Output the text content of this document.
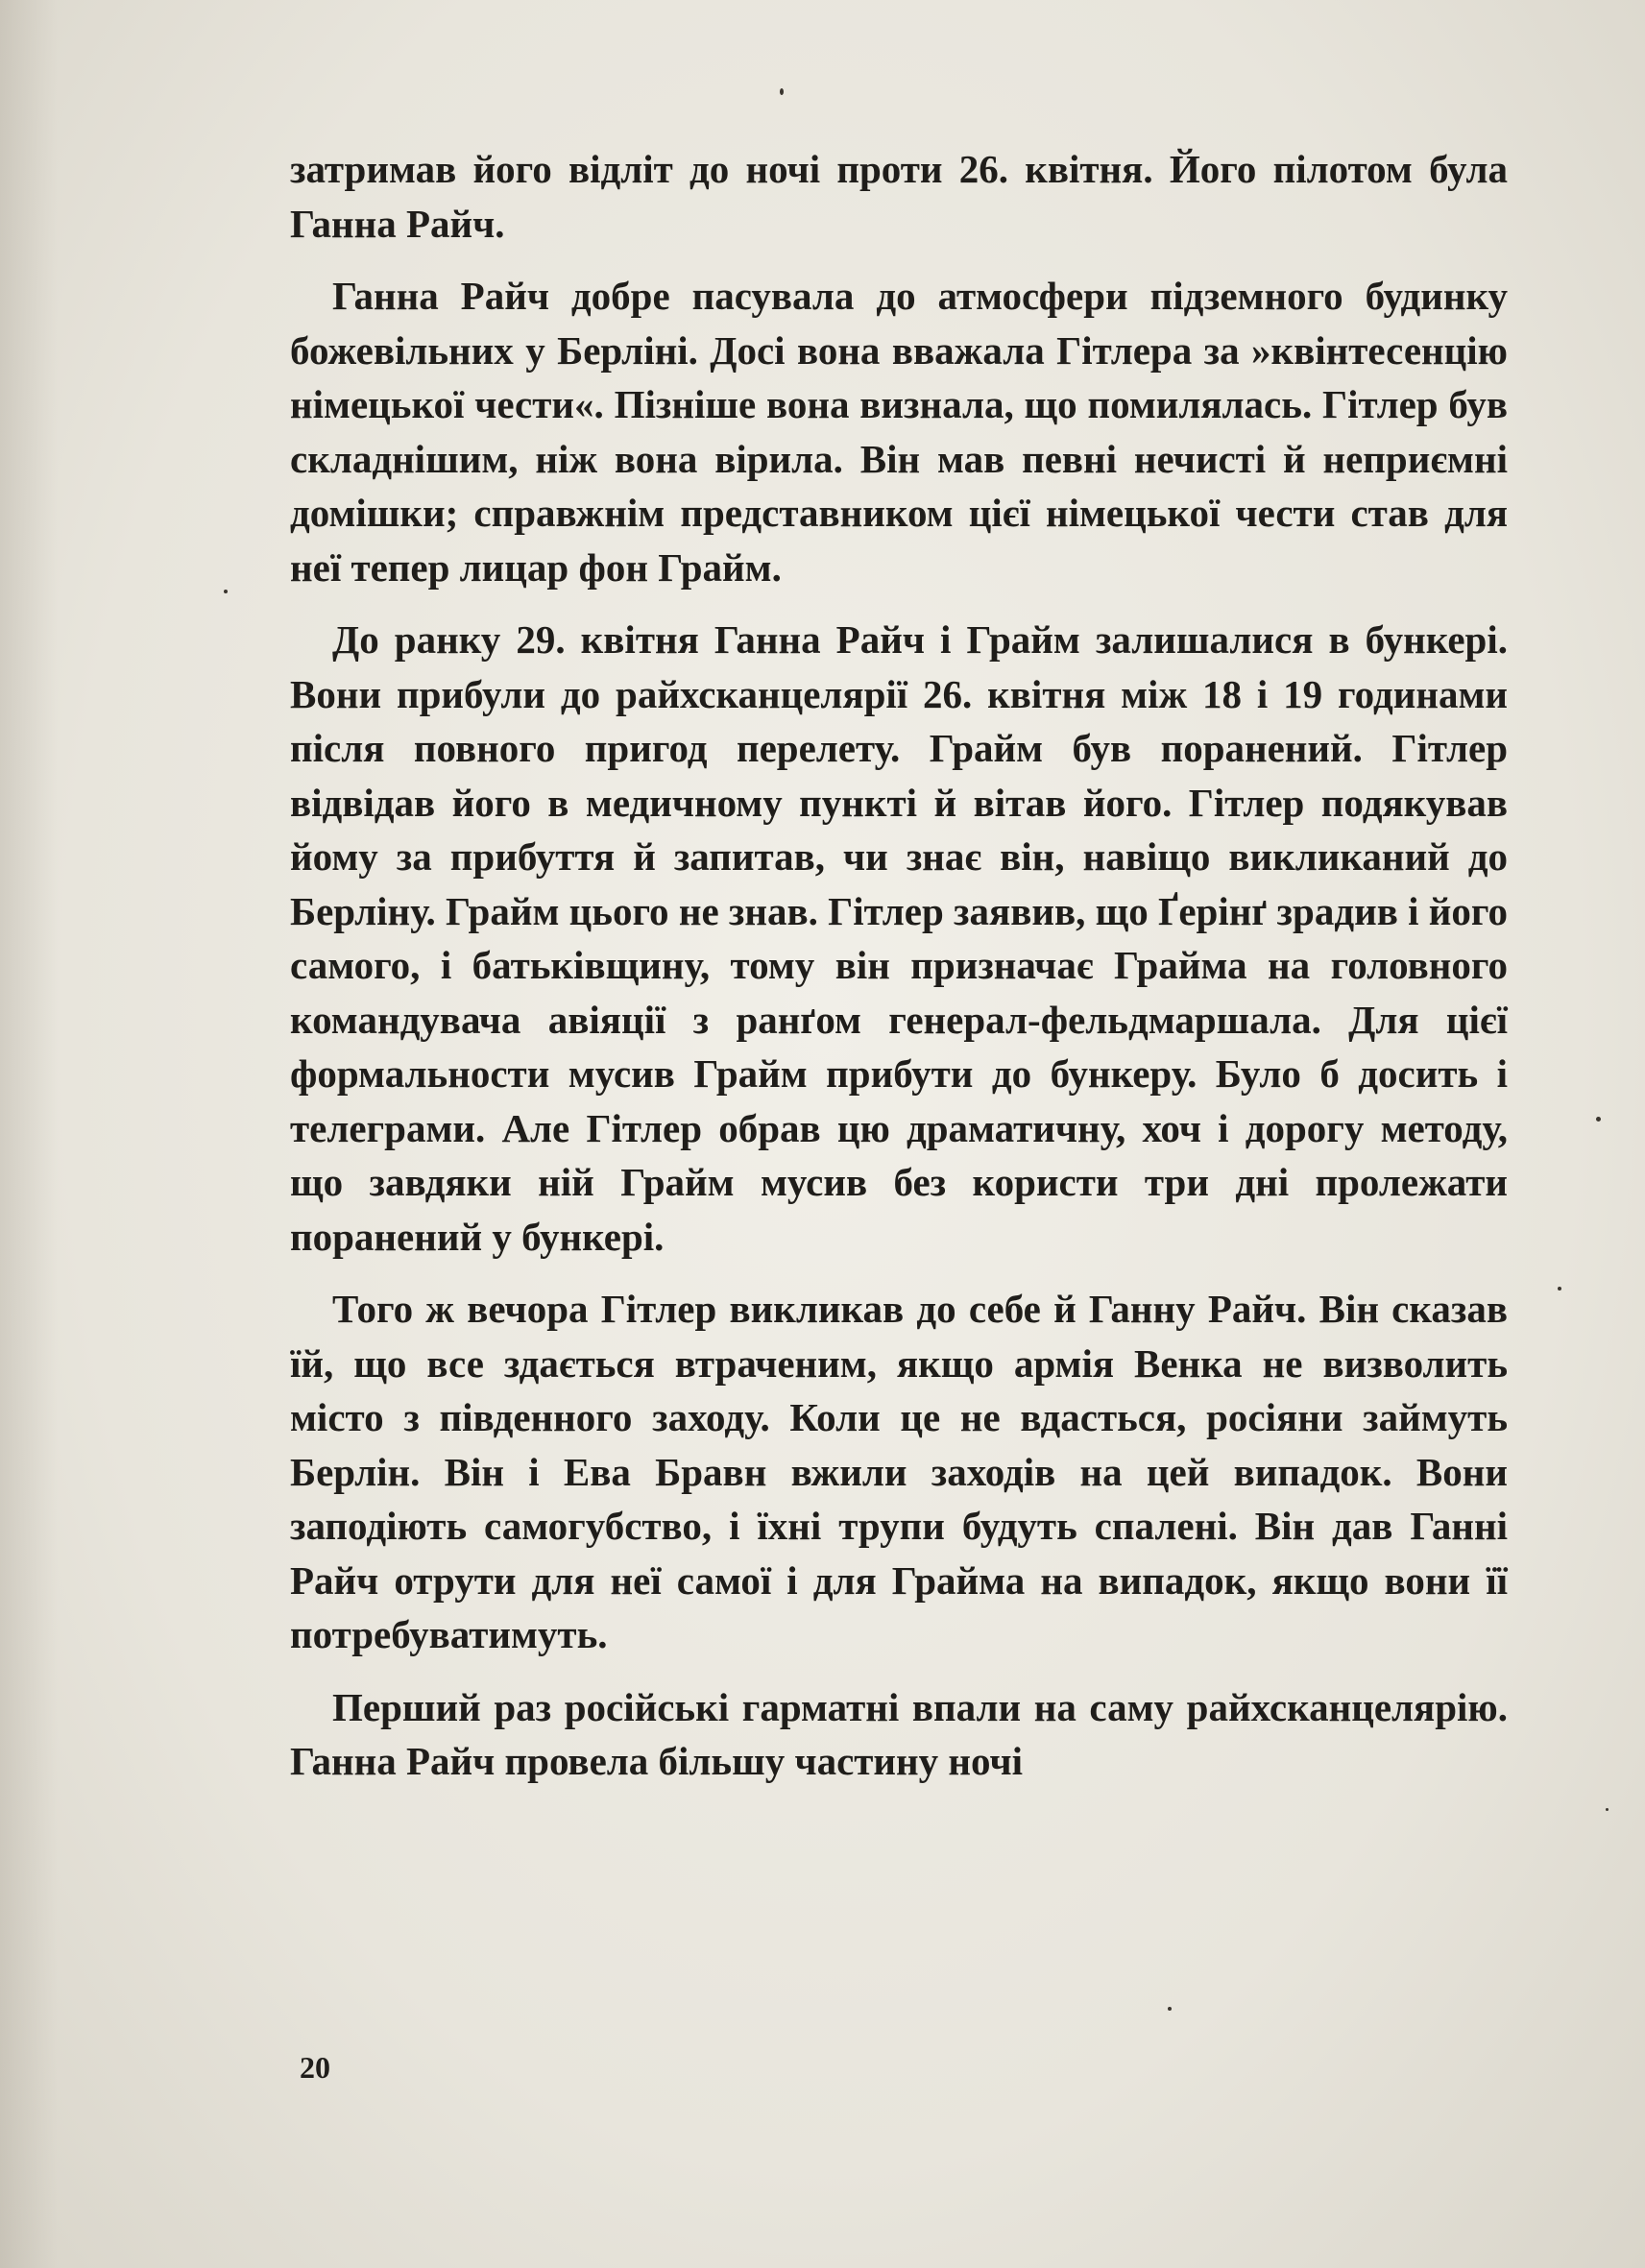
затримав його відліт до ночі проти 26. квітня. Його пілотом була Ганна Райч.

Ганна Райч добре пасувала до атмосфери підземного будинку божевільних у Берліні. Досі вона вважала Гітлера за »квінтесенцію німецької чести«. Пізніше вона визнала, що помилялась. Гітлер був складнішим, ніж вона вірила. Він мав певні нечисті й неприємні домішки; справжнім представником цієї німецької чести став для неї тепер лицар фон Грайм.

До ранку 29. квітня Ганна Райч і Грайм залишалися в бункері. Вони прибули до райхсканцелярії 26. квітня між 18 і 19 годинами після повного пригод перелету. Грайм був поранений. Гітлер відвідав його в медичному пункті й вітав його. Гітлер подякував йому за прибуття й запитав, чи знає він, навіщо викликаний до Берліну. Грайм цього не знав. Гітлер заявив, що Ґерінґ зрадив і його самого, і батьківщину, тому він призначає Грайма на головного командувача авіяції з ранґом генерал-фельдмаршала. Для цієї формальности мусив Грайм прибути до бункеру. Було б досить і телеграми. Але Гітлер обрав цю драматичну, хоч і дорогу методу, що завдяки ній Грайм мусив без користи три дні пролежати поранений у бункері.

Того ж вечора Гітлер викликав до себе й Ганну Райч. Він сказав їй, що все здається втраченим, якщо армія Венка не визволить місто з південного заходу. Коли це не вдасться, росіяни займуть Берлін. Він і Ева Бравн вжили заходів на цей випадок. Вони заподіють самогубство, і їхні трупи будуть спалені. Він дав Ганні Райч отрути для неї самої і для Грайма на випадок, якщо вони її потребуватимуть.

Перший раз російські гарматні впали на саму райхсканцелярію. Ганна Райч провела більшу частину ночі

20
